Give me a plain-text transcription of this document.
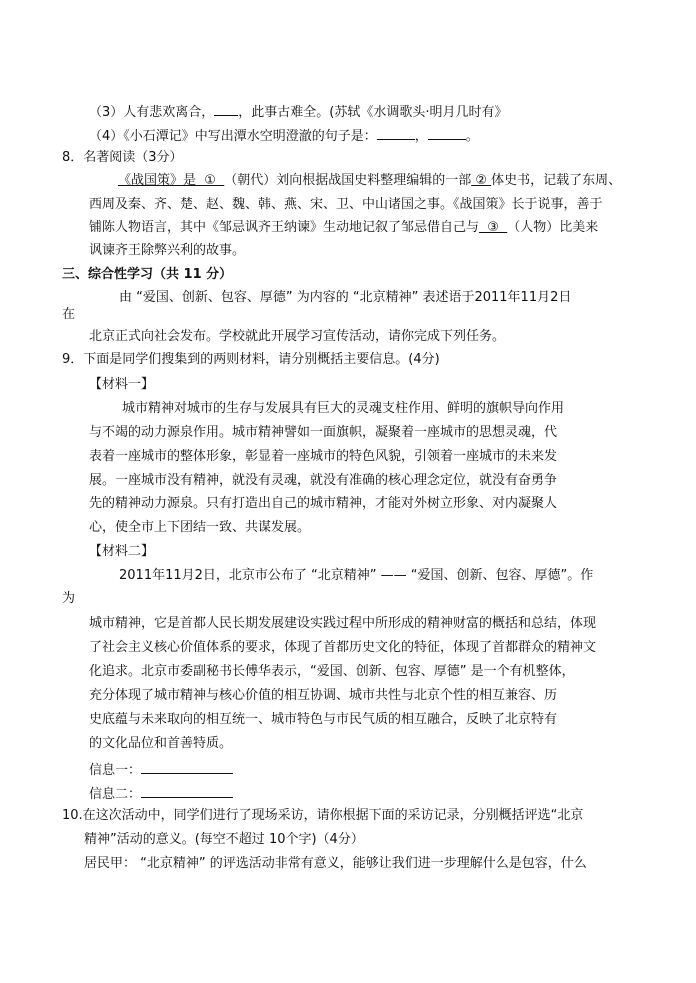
（3）人有悲欢离合， ，此事古难全。(苏轼《水调歌头·明月几时有》
（4）《小石潭记》中写出潭水空明澄澈的句子是：	，	。
8．名著阅读（3分）
《战国策》是  ①  （朝代）刘向根据战国史料整理编辑的一部 ② 体史书，记载了东周、
西周及秦、齐、楚、赵、魏、韩、燕、宋、卫、中山诸国之事。《战国策》长于说事，善于
铺陈人物语言，其中《邹忌讽齐王纳谏》生动地记叙了邹忌借自己与  ③  （人物）比美来
讽谏齐王除弊兴利的故事。
三、综合性学习（共 11 分）
由 “爱国、创新、包容、厚德” 为内容的 “北京精神” 表述语于2011年11月2日
在
北京正式向社会发布。学校就此开展学习宣传活动，请你完成下列任务。
9．下面是同学们搜集到的两则材料，请分别概括主要信息。(4分)
【材料一】
城市精神对城市的生存与发展具有巨大的灵魂支柱作用、鲜明的旗帜导向作用
与不竭的动力源泉作用。城市精神譬如一面旗帜，凝聚着一座城市的思想灵魂，代
表着一座城市的整体形象，彰显着一座城市的特色风貌，引领着一座城市的未来发
展。一座城市没有精神，就没有灵魂，就没有准确的核心理念定位，就没有奋勇争
先的精神动力源泉。只有打造出自己的城市精神，才能对外树立形象、对内凝聚人
心，使全市上下团结一致、共谋发展。
【材料二】
2011年11月2日，北京市公布了 “北京精神” —— “爱国、创新、包容、厚德”。作
为
城市精神，它是首都人民长期发展建设实践过程中所形成的精神财富的概括和总结，体现
了社会主义核心价值体系的要求，体现了首都历史文化的特征，体现了首都群众的精神文
化追求。北京市委副秘书长傅华表示，“爱国、创新、包容、厚德” 是一个有机整体，
充分体现了城市精神与核心价值的相互协调、城市共性与北京个性的相互兼容、历
史底蕴与未来取向的相互统一、城市特色与市民气质的相互融合，反映了北京特有
的文化品位和首善特质。
信息一：
信息二：
10.在这次活动中，同学们进行了现场采访，请你根据下面的采访记录，分别概括评选“北京
精神”活动的意义。(每空不超过 10个字)（4分）
居民甲： “北京精神” 的评选活动非常有意义，能够让我们进一步理解什么是包容，什么
